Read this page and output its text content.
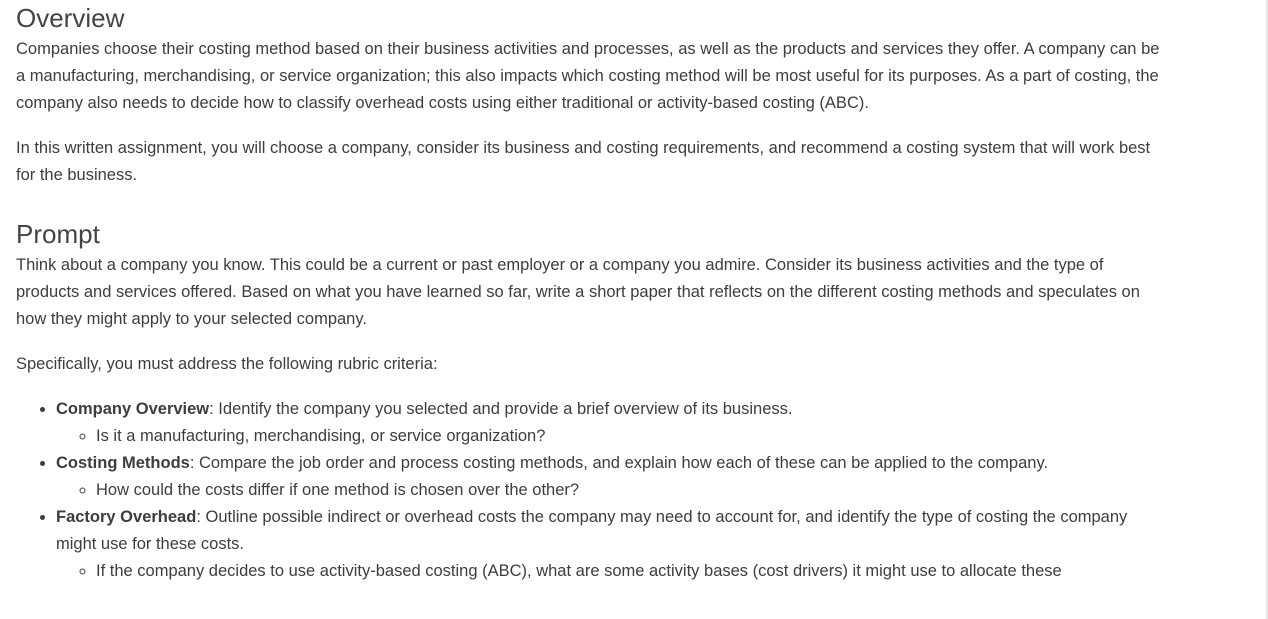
Overview

Companies choose their costing method based on their business activities and processes, as well as the products and services they offer. A company can be a manufacturing, merchandising, or service organization; this also impacts which costing method will be most useful for its purposes. As a part of costing, the company also needs to decide how to classify overhead costs using either traditional or activity-based costing (ABC).

In this written assignment, you will choose a company, consider its business and costing requirements, and recommend a costing system that will work best for the business.

Prompt

Think about a company you know. This could be a current or past employer or a company you admire. Consider its business activities and the type of products and services offered. Based on what you have learned so far, write a short paper that reflects on the different costing methods and speculates on how they might apply to your selected company.

Specifically, you must address the following rubric criteria:

• Company Overview: Identify the company you selected and provide a brief overview of its business.
◦ Is it a manufacturing, merchandising, or service organization?
• Costing Methods: Compare the job order and process costing methods, and explain how each of these can be applied to the company.
◦ How could the costs differ if one method is chosen over the other?
• Factory Overhead: Outline possible indirect or overhead costs the company may need to account for, and identify the type of costing the company might use for these costs.
◦ If the company decides to use activity-based costing (ABC), what are some activity bases (cost drivers) it might use to allocate these
